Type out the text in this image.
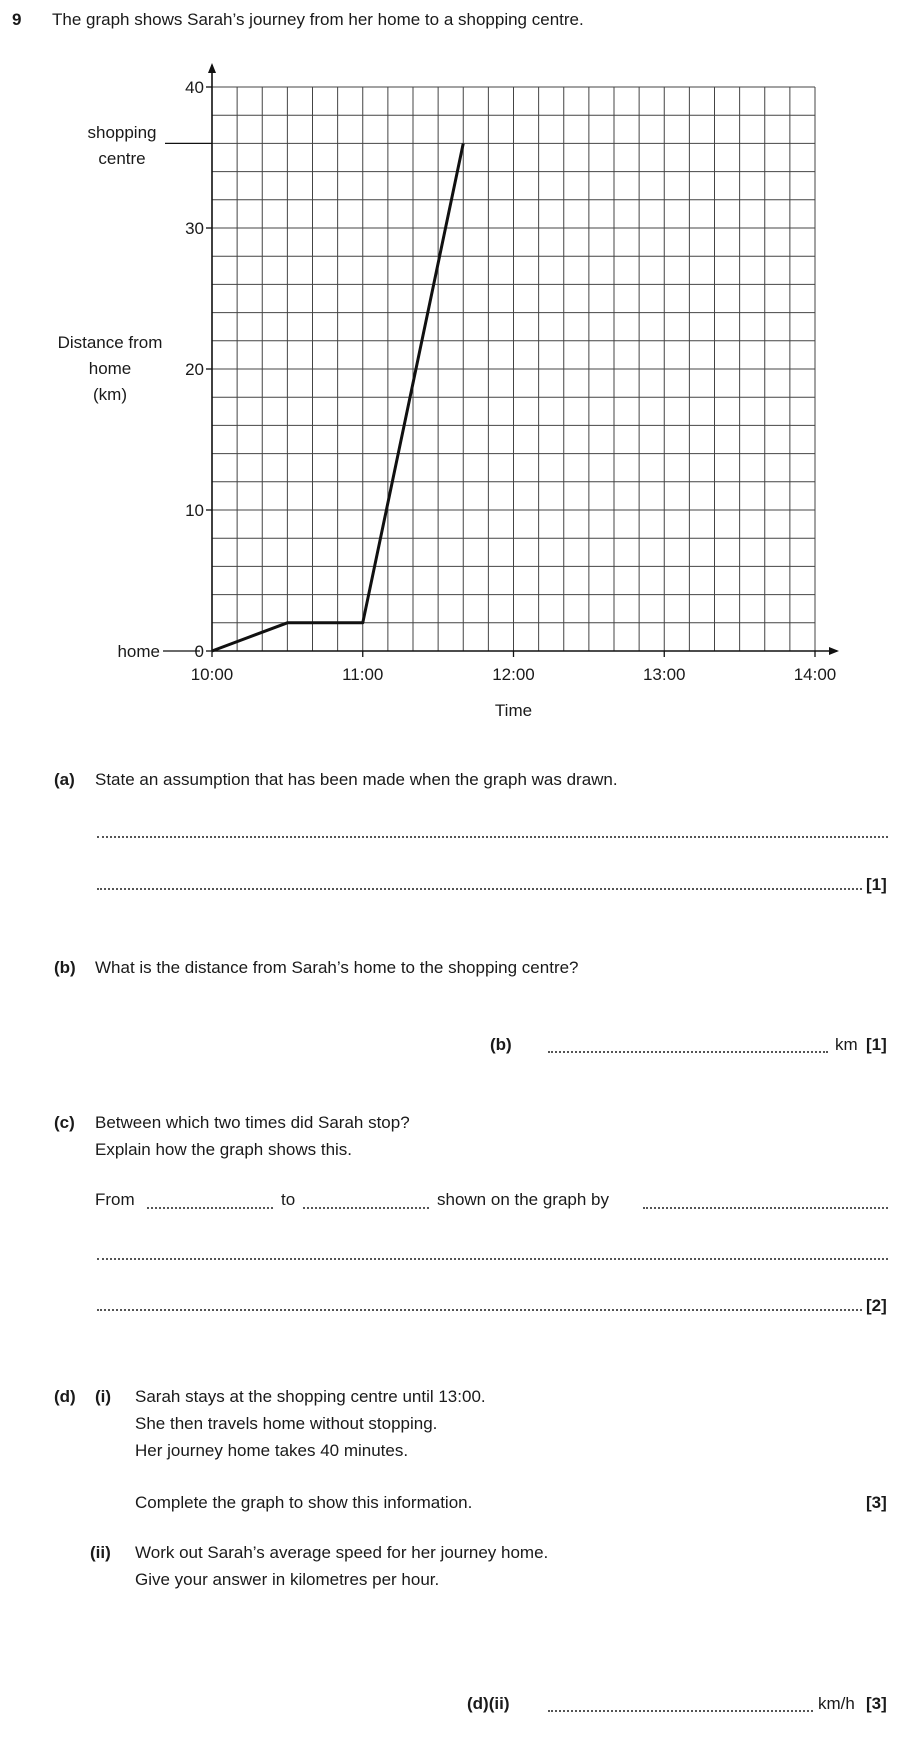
9 The graph shows Sarah’s journey from her home to a shopping centre.
0
10
20
30
40
10:00	11:00	12:00	13:00	14:00
Time
Distance from
home
(km)
home
shopping
centre
(a) State an assumption that has been made when the graph was drawn.
[1]
(b) What is the distance from Sarah’s home to the shopping centre?
(b)	km [1]
(c) Between which two times did Sarah stop?
Explain how the graph shows this.
From	to	shown on the graph by
[2]
(d) (i) Sarah stays at the shopping centre until 13:00.
She then travels home without stopping.
Her journey home takes 40 minutes.
Complete the graph to show this information.	[3]
(ii) Work out Sarah’s average speed for her journey home.
Give your answer in kilometres per hour.
(d)(ii)	km/h [3]
